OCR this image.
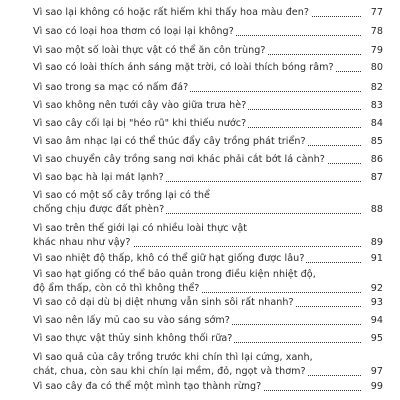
Vì sao lại không có hoặc rất hiếm khi thấy hoa màu đen?	77
Vì sao có loại hoa thơm có loại lại không?	78
Vì sao một số loài thực vật có thể ăn côn trùng?	79
Vì sao có loài thích ánh sáng mặt trời, có loài thích bóng râm?	80
Vì sao trong sa mạc có nấm đá?	82
Vì sao không nên tưới cây vào giữa trưa hè?	83
Vì sao cây cối lại bị "héo rũ" khi thiếu nước?	84
Vì sao âm nhạc lại có thể thúc đẩy cây trồng phát triển?	85
Vì sao chuyển cây trồng sang nơi khác phải cắt bớt lá cành?	86
Vì sao bạc hà lại mát lạnh?	87
Vì sao có một số cây trồng lại có thể
chống chịu được đất phèn?	88
Vì sao trên thế giới lại có nhiều loài thực vật
khác nhau như vậy?	89
Vì sao nhiệt độ thấp, khô có thể giữ hạt giống được lâu?	91
Vì sao hạt giống có thể bảo quản trong điều kiện nhiệt độ,
độ ẩm thấp, còn cỏ thì không thể?	92
Vì sao cỏ dại dù bị diệt nhưng vẫn sinh sôi rất nhanh?	93
Vì sao nên lấy mủ cao su vào sáng sớm?	94
Vì sao thực vật thủy sinh không thối rữa?	95
Vì sao quả của cây trồng trước khi chín thì lại cứng, xanh,
chát, chua, còn sau khi chín lại mềm, đỏ, ngọt và thơm?	97
Vì sao cây đa có thể một mình tạo thành rừng?	99
